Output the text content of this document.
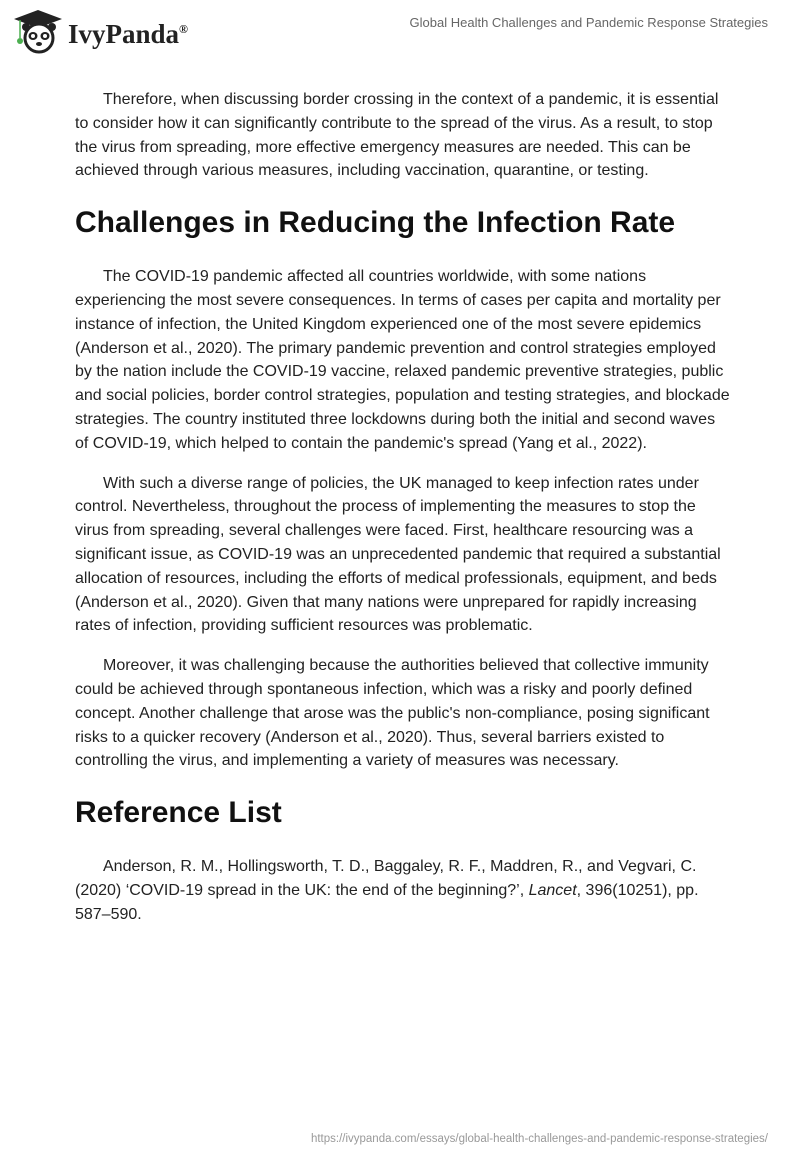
IvyPanda®	Global Health Challenges and Pandemic Response Strategies

Therefore, when discussing border crossing in the context of a pandemic, it is essential to consider how it can significantly contribute to the spread of the virus. As a result, to stop the virus from spreading, more effective emergency measures are needed. This can be achieved through various measures, including vaccination, quarantine, or testing.

Challenges in Reducing the Infection Rate

The COVID-19 pandemic affected all countries worldwide, with some nations experiencing the most severe consequences. In terms of cases per capita and mortality per instance of infection, the United Kingdom experienced one of the most severe epidemics (Anderson et al., 2020). The primary pandemic prevention and control strategies employed by the nation include the COVID-19 vaccine, relaxed pandemic preventive strategies, public and social policies, border control strategies, population and testing strategies, and blockade strategies. The country instituted three lockdowns during both the initial and second waves of COVID-19, which helped to contain the pandemic's spread (Yang et al., 2022).

With such a diverse range of policies, the UK managed to keep infection rates under control. Nevertheless, throughout the process of implementing the measures to stop the virus from spreading, several challenges were faced. First, healthcare resourcing was a significant issue, as COVID-19 was an unprecedented pandemic that required a substantial allocation of resources, including the efforts of medical professionals, equipment, and beds (Anderson et al., 2020). Given that many nations were unprepared for rapidly increasing rates of infection, providing sufficient resources was problematic.

Moreover, it was challenging because the authorities believed that collective immunity could be achieved through spontaneous infection, which was a risky and poorly defined concept. Another challenge that arose was the public's non-compliance, posing significant risks to a quicker recovery (Anderson et al., 2020). Thus, several barriers existed to controlling the virus, and implementing a variety of measures was necessary.

Reference List

Anderson, R. M., Hollingsworth, T. D., Baggaley, R. F., Maddren, R., and Vegvari, C. (2020) ‘COVID-19 spread in the UK: the end of the beginning?’, Lancet, 396(10251), pp. 587–590.

https://ivypanda.com/essays/global-health-challenges-and-pandemic-response-strategies/
